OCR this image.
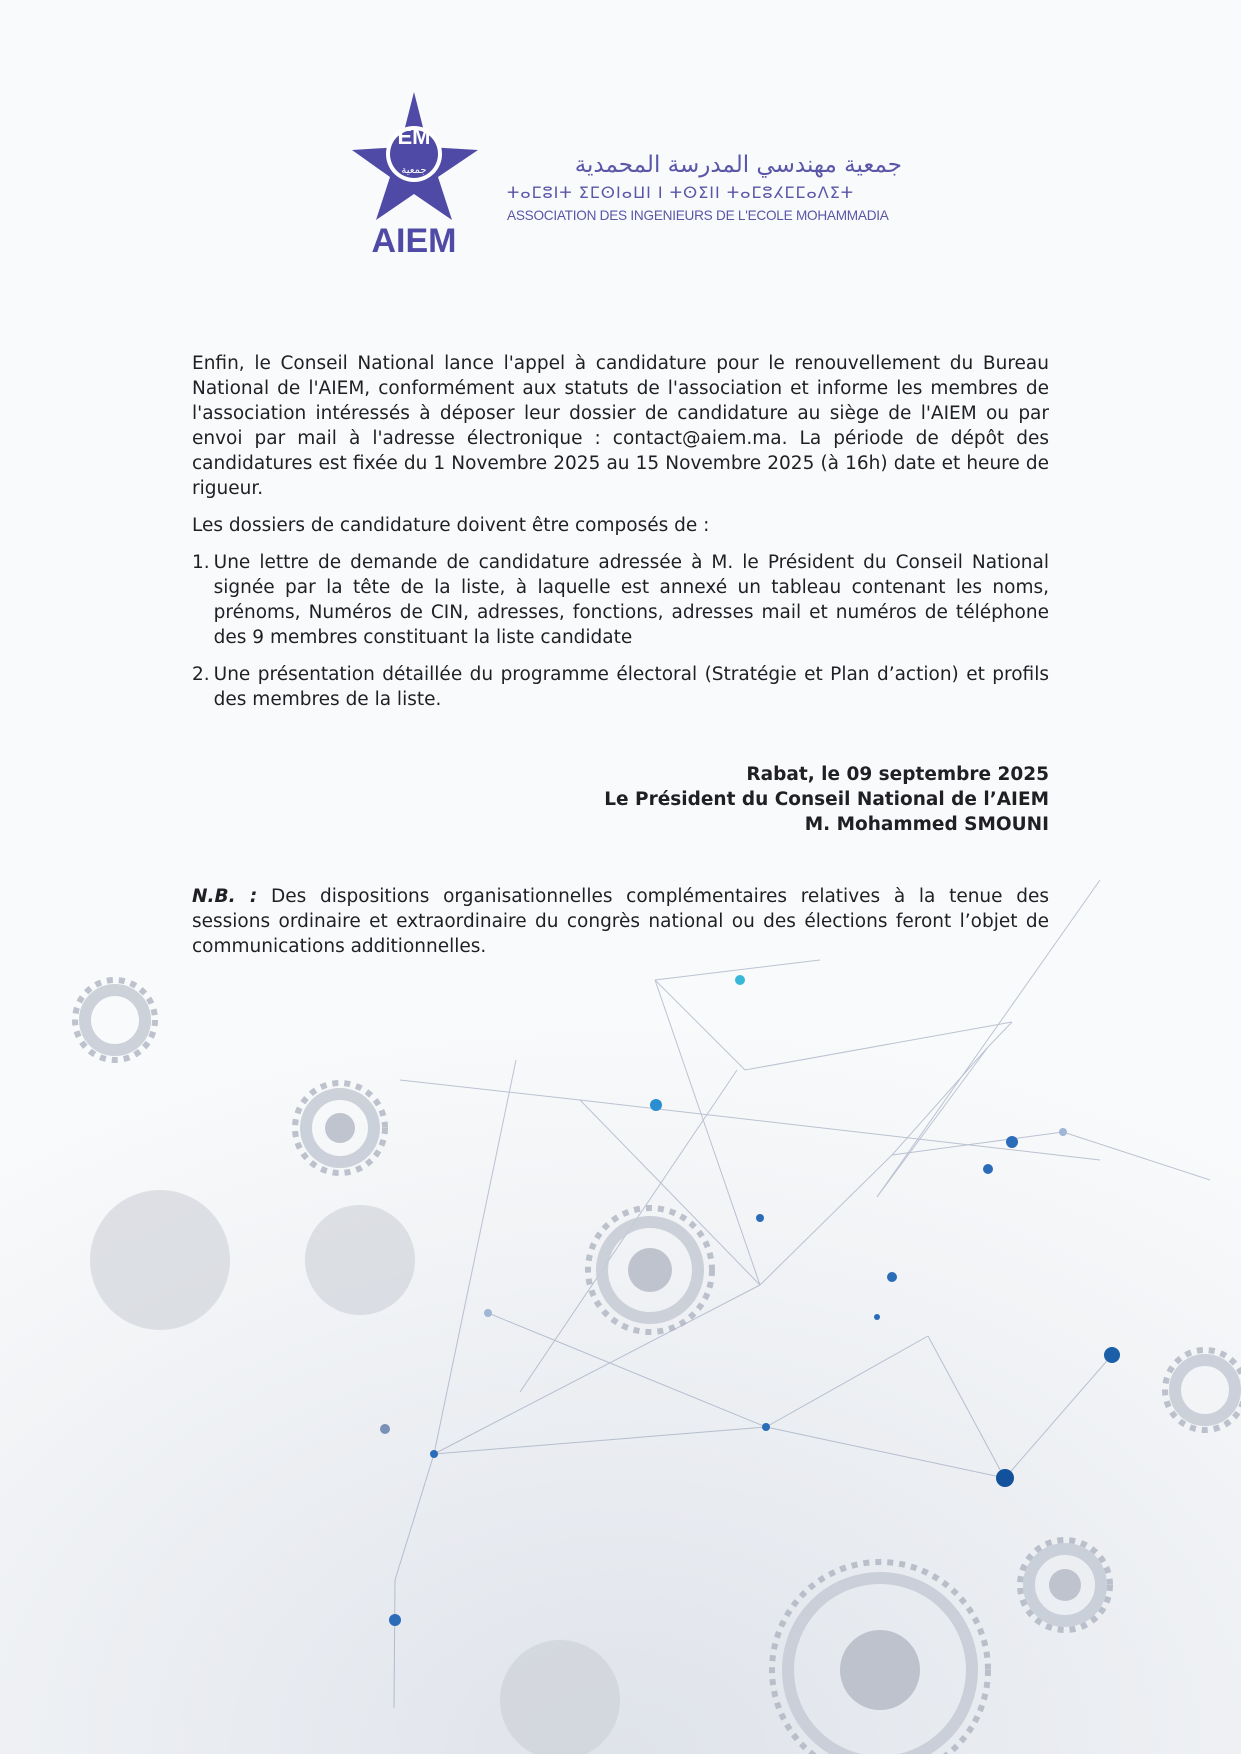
EM
جمعية
AIEM
جمعية مهندسي المدرسة المحمدية
ⵜⴰⵎⵓⵏⵜ ⵉⵎⵙⵏⴰⵡⵏ ⵏ ⵜⵙⵉⵏⵏ ⵜⴰⵎⵓⵃⵎⵎⴰⴷⵉⵜ
ASSOCIATION DES INGENIEURS DE L'ECOLE MOHAMMADIA

Enfin, le Conseil National lance l'appel à candidature pour le renouvellement du Bureau National de l'AIEM, conformément aux statuts de l'association et informe les membres de l'association intéressés à déposer leur dossier de candidature au siège de l'AIEM ou par envoi par mail à l'adresse électronique : contact@aiem.ma. La période de dépôt des candidatures est fixée du 1 Novembre 2025 au 15 Novembre 2025 (à 16h) date et heure de rigueur.

Les dossiers de candidature doivent être composés de :

1. Une lettre de demande de candidature adressée à M. le Président du Conseil National signée par la tête de la liste, à laquelle est annexé un tableau contenant les noms, prénoms, Numéros de CIN, adresses, fonctions, adresses mail et numéros de téléphone des 9 membres constituant la liste candidate
2. Une présentation détaillée du programme électoral (Stratégie et Plan d’action) et profils des membres de la liste.
Rabat, le 09 septembre 2025
Le Président du Conseil National de l’AIEM
M. Mohammed SMOUNI
N.B. : Des dispositions organisationnelles complémentaires relatives à la tenue des sessions ordinaire et extraordinaire du congrès national ou des élections feront l’objet de communications additionnelles.
